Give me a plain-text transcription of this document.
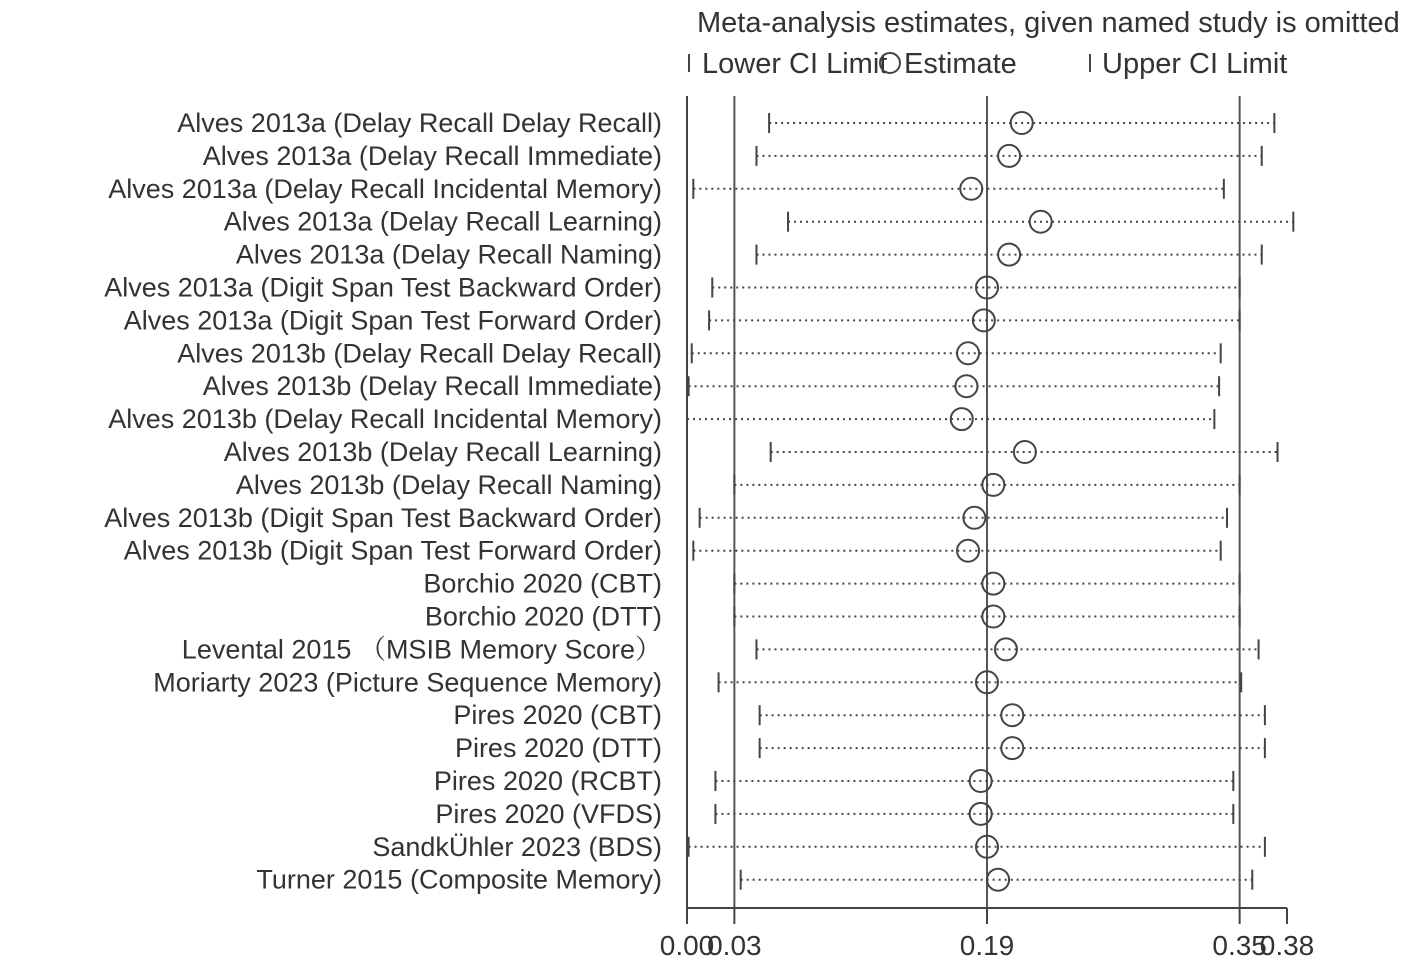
Meta-analysis estimates, given named study is omitted
Lower CI Limit Estimate	Upper CI Limit
Alves 2013a (Delay Recall Delay Recall)
Alves 2013a (Delay Recall Immediate)
Alves 2013a (Delay Recall Incidental Memory)
Alves 2013a (Delay Recall Learning)
Alves 2013a (Delay Recall Naming)
Alves 2013a (Digit Span Test Backward Order)
Alves 2013a (Digit Span Test Forward Order)
Alves 2013b (Delay Recall Delay Recall)
Alves 2013b (Delay Recall Immediate)
Alves 2013b (Delay Recall Incidental Memory)
Alves 2013b (Delay Recall Learning)
Alves 2013b (Delay Recall Naming)
Alves 2013b (Digit Span Test Backward Order)
Alves 2013b (Digit Span Test Forward Order)
Borchio 2020 (CBT)
Borchio 2020 (DTT)
Levental 2015 （MSIB Memory Score）
Moriarty 2023 (Picture Sequence Memory)
Pires 2020 (CBT)
Pires 2020 (DTT)
Pires 2020 (RCBT)
Pires 2020 (VFDS)
SandkÜhler 2023 (BDS)
Turner 2015 (Composite Memory)
0.00
0.03	0.19	0.35
0.38
